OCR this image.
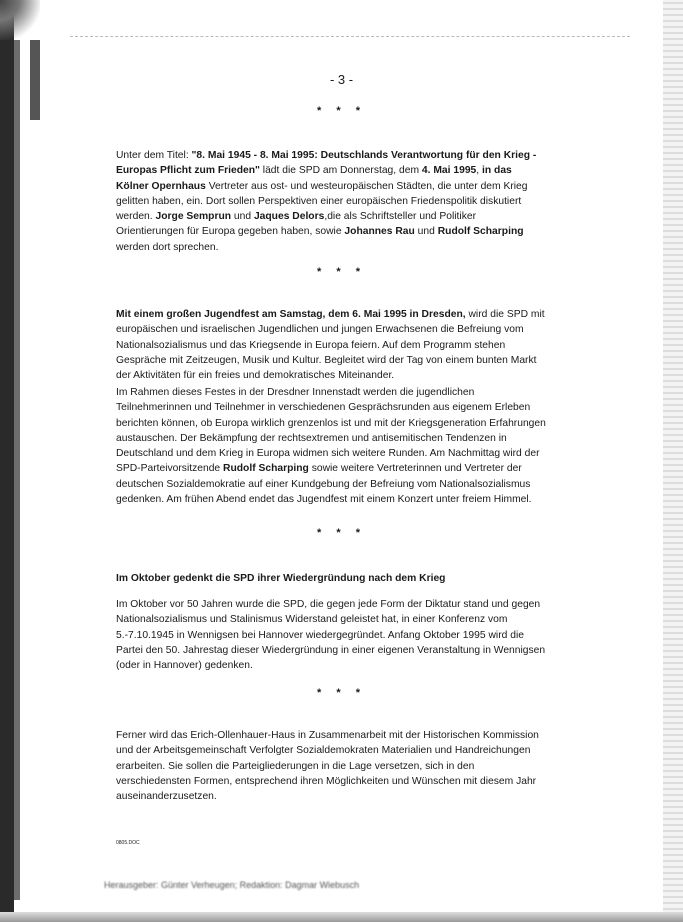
- 3 -
* * *

Unter dem Titel: "8. Mai 1945 - 8. Mai 1995: Deutschlands Verantwortung für den Krieg - Europas Pflicht zum Frieden" lädt die SPD am Donnerstag, dem 4. Mai 1995, in das Kölner Opernhaus Vertreter aus ost- und westeuropäischen Städten, die unter dem Krieg gelitten haben, ein. Dort sollen Perspektiven einer europäischen Friedenspolitik diskutiert werden. Jorge Semprun und Jaques Delors,die als Schriftsteller und Politiker Orientierungen für Europa gegeben haben, sowie Johannes Rau und Rudolf Scharping werden dort sprechen.

* * *

Mit einem großen Jugendfest am Samstag, dem 6. Mai 1995 in Dresden, wird die SPD mit europäischen und israelischen Jugendlichen und jungen Erwachsenen die Befreiung vom Nationalsozialismus und das Kriegsende in Europa feiern. Auf dem Programm stehen Gespräche mit Zeitzeugen, Musik und Kultur. Begleitet wird der Tag von einem bunten Markt der Aktivitäten für ein freies und demokratisches Miteinander.

Im Rahmen dieses Festes in der Dresdner Innenstadt werden die jugendlichen Teilnehmerinnen und Teilnehmer in verschiedenen Gesprächsrunden aus eigenem Erleben berichten können, ob Europa wirklich grenzenlos ist und mit der Kriegsgeneration Erfahrungen austauschen. Der Bekämpfung der rechtsextremen und antisemitischen Tendenzen in Deutschland und dem Krieg in Europa widmen sich weitere Runden. Am Nachmittag wird der SPD-Parteivorsitzende Rudolf Scharping sowie weitere Vertreterinnen und Vertreter der deutschen Sozialdemokratie auf einer Kundgebung der Befreiung vom Nationalsozialismus gedenken. Am frühen Abend endet das Jugendfest mit einem Konzert unter freiem Himmel.

* * *
Im Oktober gedenkt die SPD ihrer Wiedergründung nach dem Krieg

Im Oktober vor 50 Jahren wurde die SPD, die gegen jede Form der Diktatur stand und gegen Nationalsozialismus und Stalinismus Widerstand geleistet hat, in einer Konferenz vom 5.-7.10.1945 in Wennigsen bei Hannover wiedergegründet. Anfang Oktober 1995 wird die Partei den 50. Jahrestag dieser Wiedergründung in einer eigenen Veranstaltung in Wennigsen (oder in Hannover) gedenken.

* * *

Ferner wird das Erich-Ollenhauer-Haus in Zusammenarbeit mit der Historischen Kommission und der Arbeitsgemeinschaft Verfolgter Sozialdemokraten Materialien und Handreichungen erarbeiten. Sie sollen die Parteigliederungen in die Lage versetzen, sich in den verschiedensten Formen, entsprechend ihren Möglichkeiten und Wünschen mit diesem Jahr auseinanderzusetzen.

0805.DOC
Herausgeber: Günter Verheugen; Redaktion: Dagmar Wiebusch
